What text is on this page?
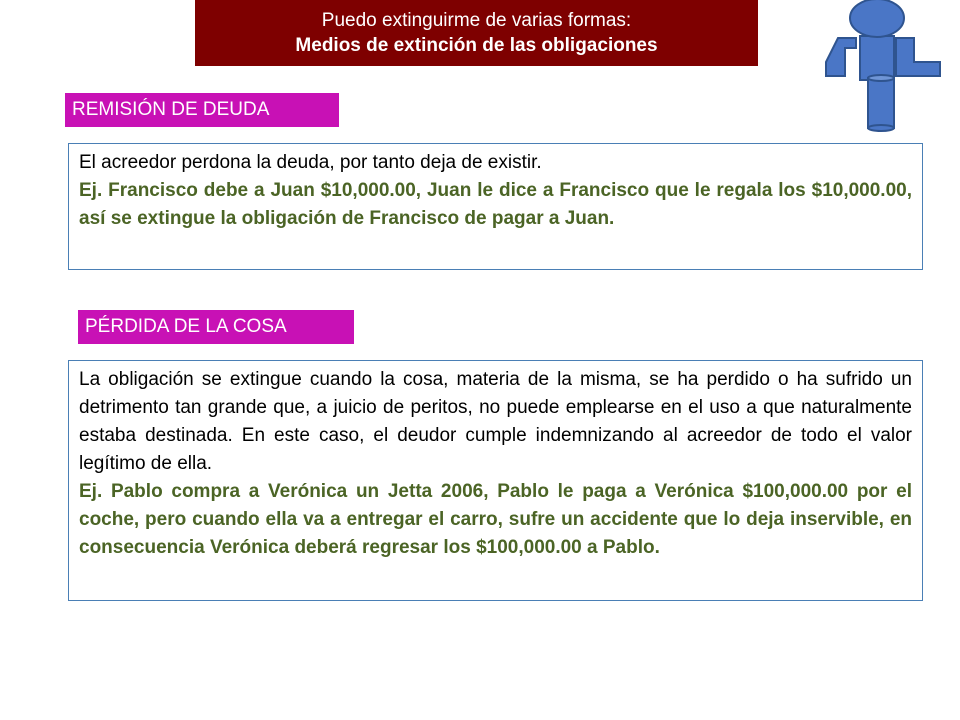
Puedo extinguirme de varias formas:
Medios de extinción de las obligaciones
REMISIÓN DE DEUDA
El acreedor perdona la deuda, por tanto deja de existir.
Ej. Francisco debe a Juan $10,000.00, Juan le dice a Francisco que le regala los $10,000.00, así se extingue la obligación de Francisco de pagar a Juan.
PÉRDIDA DE LA COSA
La obligación se extingue cuando la cosa, materia de la misma, se ha perdido o ha sufrido un detrimento tan grande que, a juicio de peritos, no puede emplearse en el uso a que naturalmente estaba destinada. En este caso, el deudor cumple indemnizando al acreedor de todo el valor legítimo de ella.
Ej. Pablo compra a Verónica un Jetta 2006, Pablo le paga a Verónica $100,000.00 por el coche, pero cuando ella va a entregar el carro, sufre un accidente que lo deja inservible, en consecuencia Verónica deberá regresar los $100,000.00 a Pablo.
